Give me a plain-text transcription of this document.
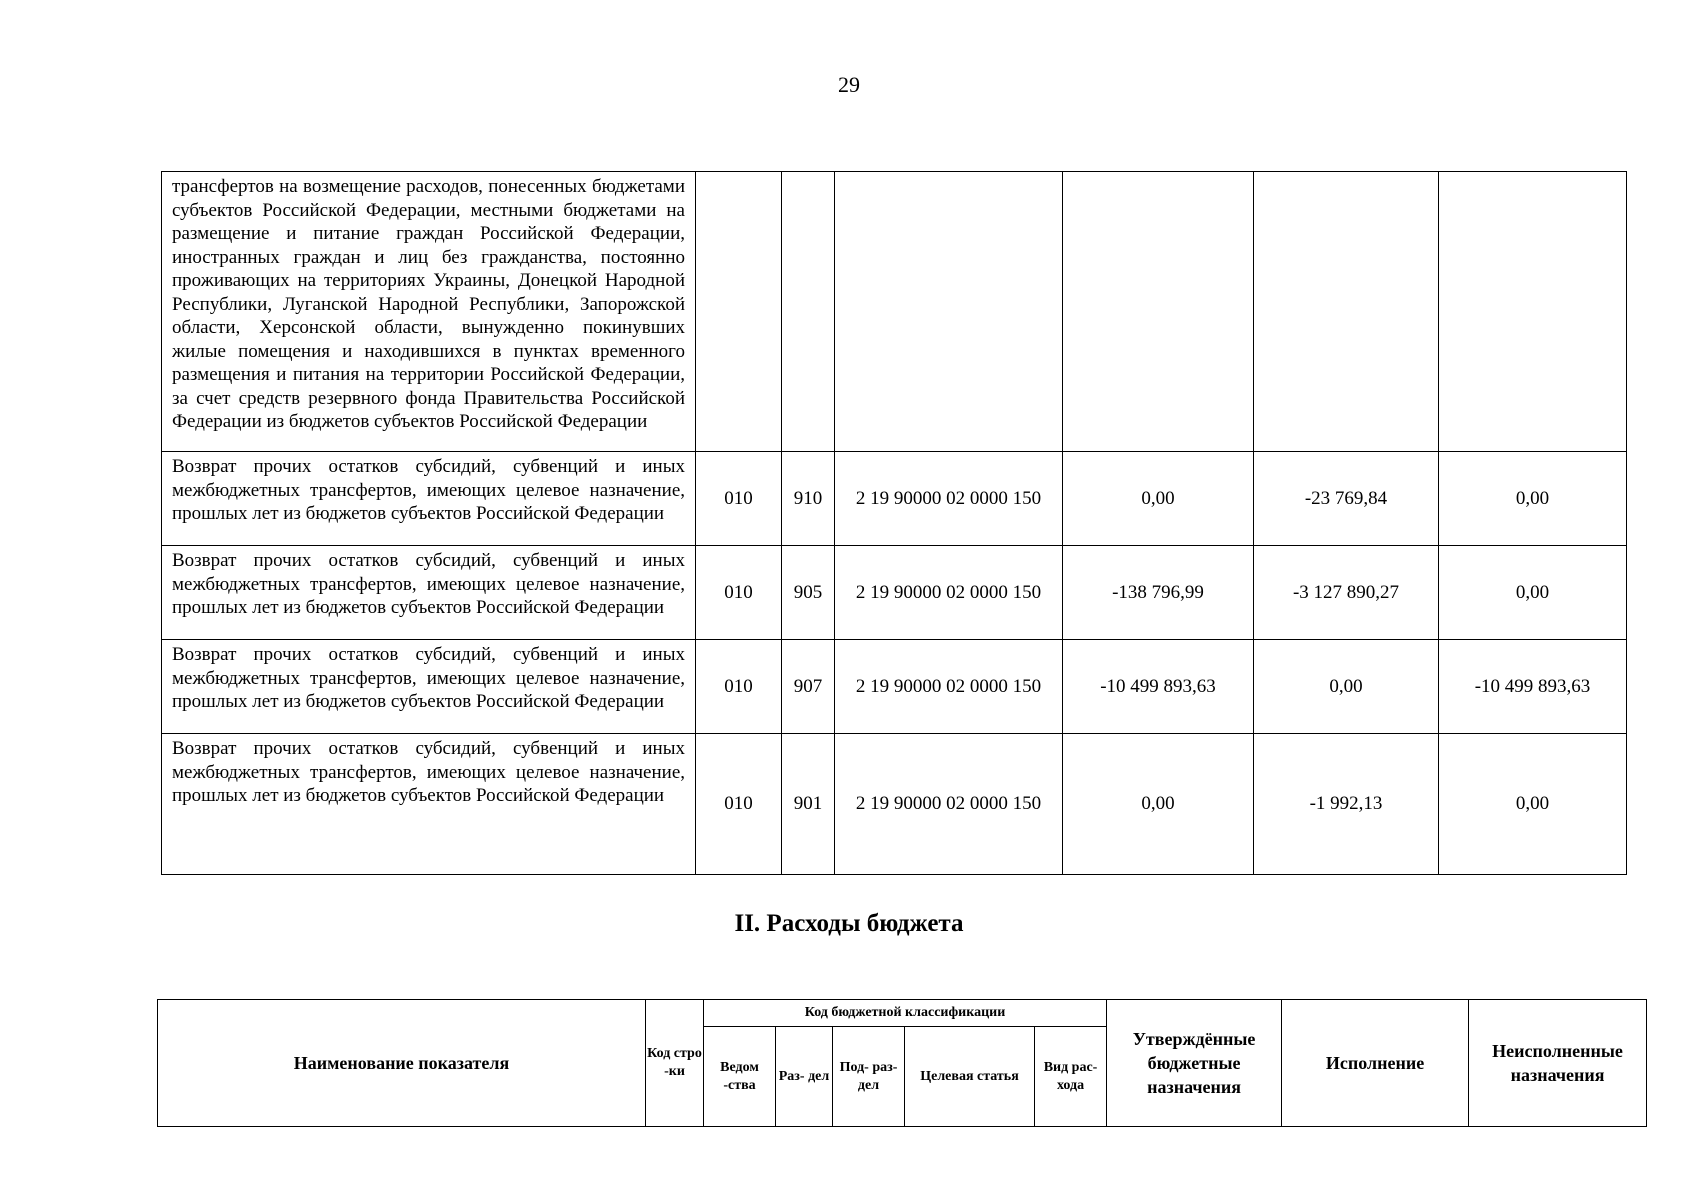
29
трансфертов на возмещение расходов, понесенных бюджетами субъектов Российской Федерации, местными бюджетами на размещение и питание граждан Российской Федерации, иностранных граждан и лиц без гражданства, постоянно проживающих на территориях Украины, Донецкой Народной Республики, Луганской Народной Республики, Запорожской области, Херсонской области, вынужденно покинувших жилые помещения и находившихся в пунктах временного размещения и питания на территории Российской Федерации, за счет средств резервного фонда Правительства Российской Федерации из бюджетов субъектов Российской Федерации						
Возврат прочих остатков субсидий, субвенций и иных межбюджетных трансфертов, имеющих целевое назначение, прошлых лет из бюджетов субъектов Российской Федерации	010	910	2 19 90000 02 0000 150	0,00	-23 769,84	0,00
Возврат прочих остатков субсидий, субвенций и иных межбюджетных трансфертов, имеющих целевое назначение, прошлых лет из бюджетов субъектов Российской Федерации	010	905	2 19 90000 02 0000 150	-138 796,99	-3 127 890,27	0,00
Возврат прочих остатков субсидий, субвенций и иных межбюджетных трансфертов, имеющих целевое назначение, прошлых лет из бюджетов субъектов Российской Федерации	010	907	2 19 90000 02 0000 150	-10 499 893,63	0,00	-10 499 893,63
Возврат прочих остатков субсидий, субвенций и иных межбюджетных трансфертов, имеющих целевое назначение, прошлых лет из бюджетов субъектов Российской Федерации	010	901	2 19 90000 02 0000 150	0,00	-1 992,13	0,00
II. Расходы бюджета
Наименование показателя	Код стро -ки	Код бюджетной классификации					Утверждённые бюджетные назначения	Исполнение	Неисполненные назначения
		Ведом -ства	Раз- дел	Под- раз- дел	Целевая статья	Вид рас- хода			
